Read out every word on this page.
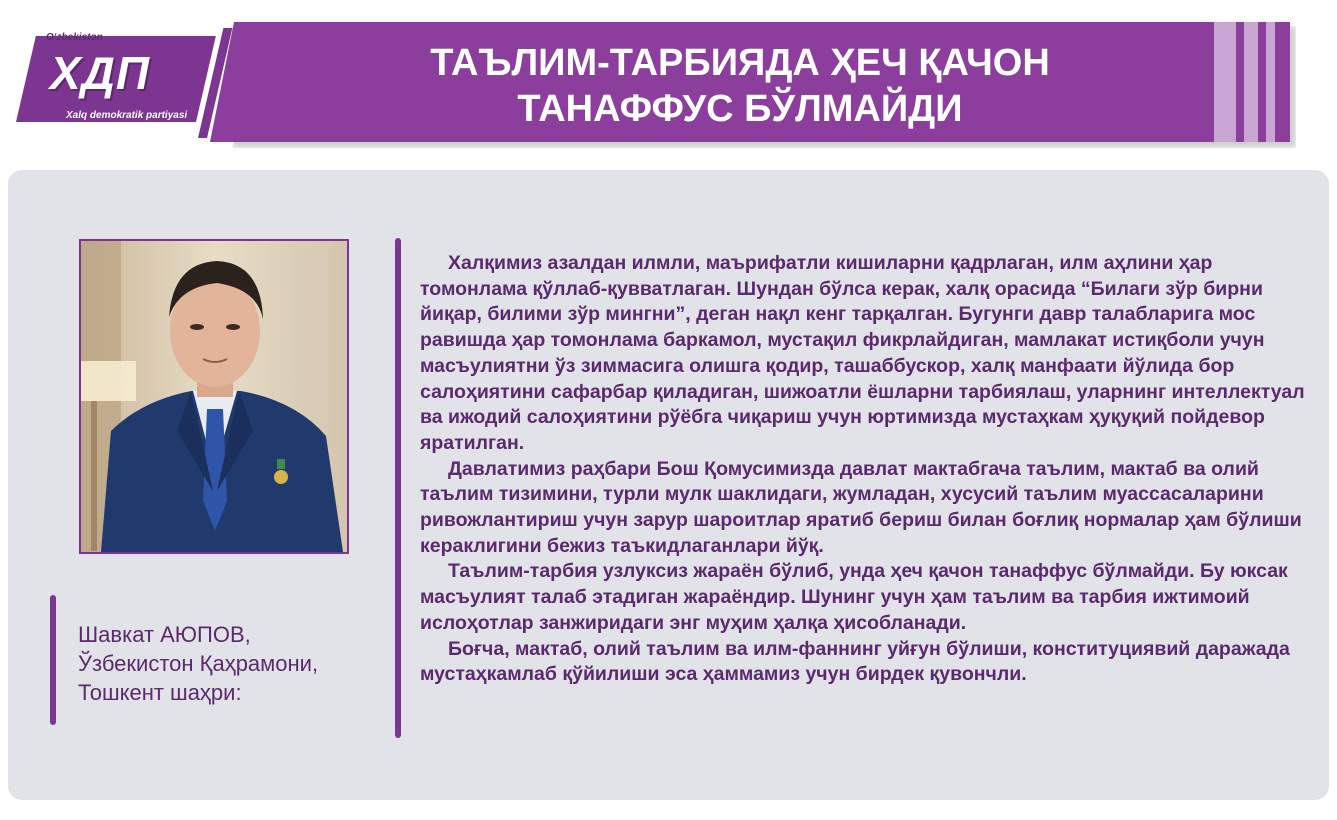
O‘zbekiston
ХДП
Xalq demokratik partiyasi
ТАЪЛИМ-ТАРБИЯДА ҲЕЧ ҚАЧОН
ТАНАФФУС БЎЛМАЙДИ
Шавкат АЮПОВ,
Ўзбекистон Қаҳрамони,
Тошкент шаҳри:

Халқимиз азалдан илмли, маърифатли кишиларни қадрлаган, илм аҳлини ҳар томонлама қўллаб-қувватлаган. Шундан бўлса керак, халқ орасида “Билаги зўр бирни йиқар, билими зўр мингни”, деган нақл кенг тарқалган. Бугунги давр талабларига мос равишда ҳар томонлама баркамол, мустақил фикрлайдиган, мамлакат истиқболи учун масъулиятни ўз зиммасига олишга қодир, ташаббускор, халқ манфаати йўлида бор салоҳиятини сафарбар қиладиган, шижоатли ёшларни тарбиялаш, уларнинг интеллектуал ва ижодий салоҳиятини рўёбга чиқариш учун юртимизда мустаҳкам ҳуқуқий пойдевор яратилган.

Давлатимиз раҳбари Бош Қомусимизда давлат мактабгача таълим, мактаб ва олий таълим тизимини, турли мулк шаклидаги, жумладан, хусусий таълим муассасаларини ривожлантириш учун зарур шароитлар яратиб бериш билан боғлиқ нормалар ҳам бўлиши кераклигини бежиз таъкидлаганлари йўқ.

Таълим-тарбия узлуксиз жараён бўлиб, унда ҳеч қачон танаффус бўлмайди. Бу юксак масъулият талаб этадиган жараёндир. Шунинг учун ҳам таълим ва тарбия ижтимоий ислоҳотлар занжиридаги энг муҳим ҳалқа ҳисобланади.

Боғча, мактаб, олий таълим ва илм-фаннинг уйғун бўлиши, конституциявий даражада мустаҳкамлаб қўйилиши эса ҳаммамиз учун бирдек қувончли.
